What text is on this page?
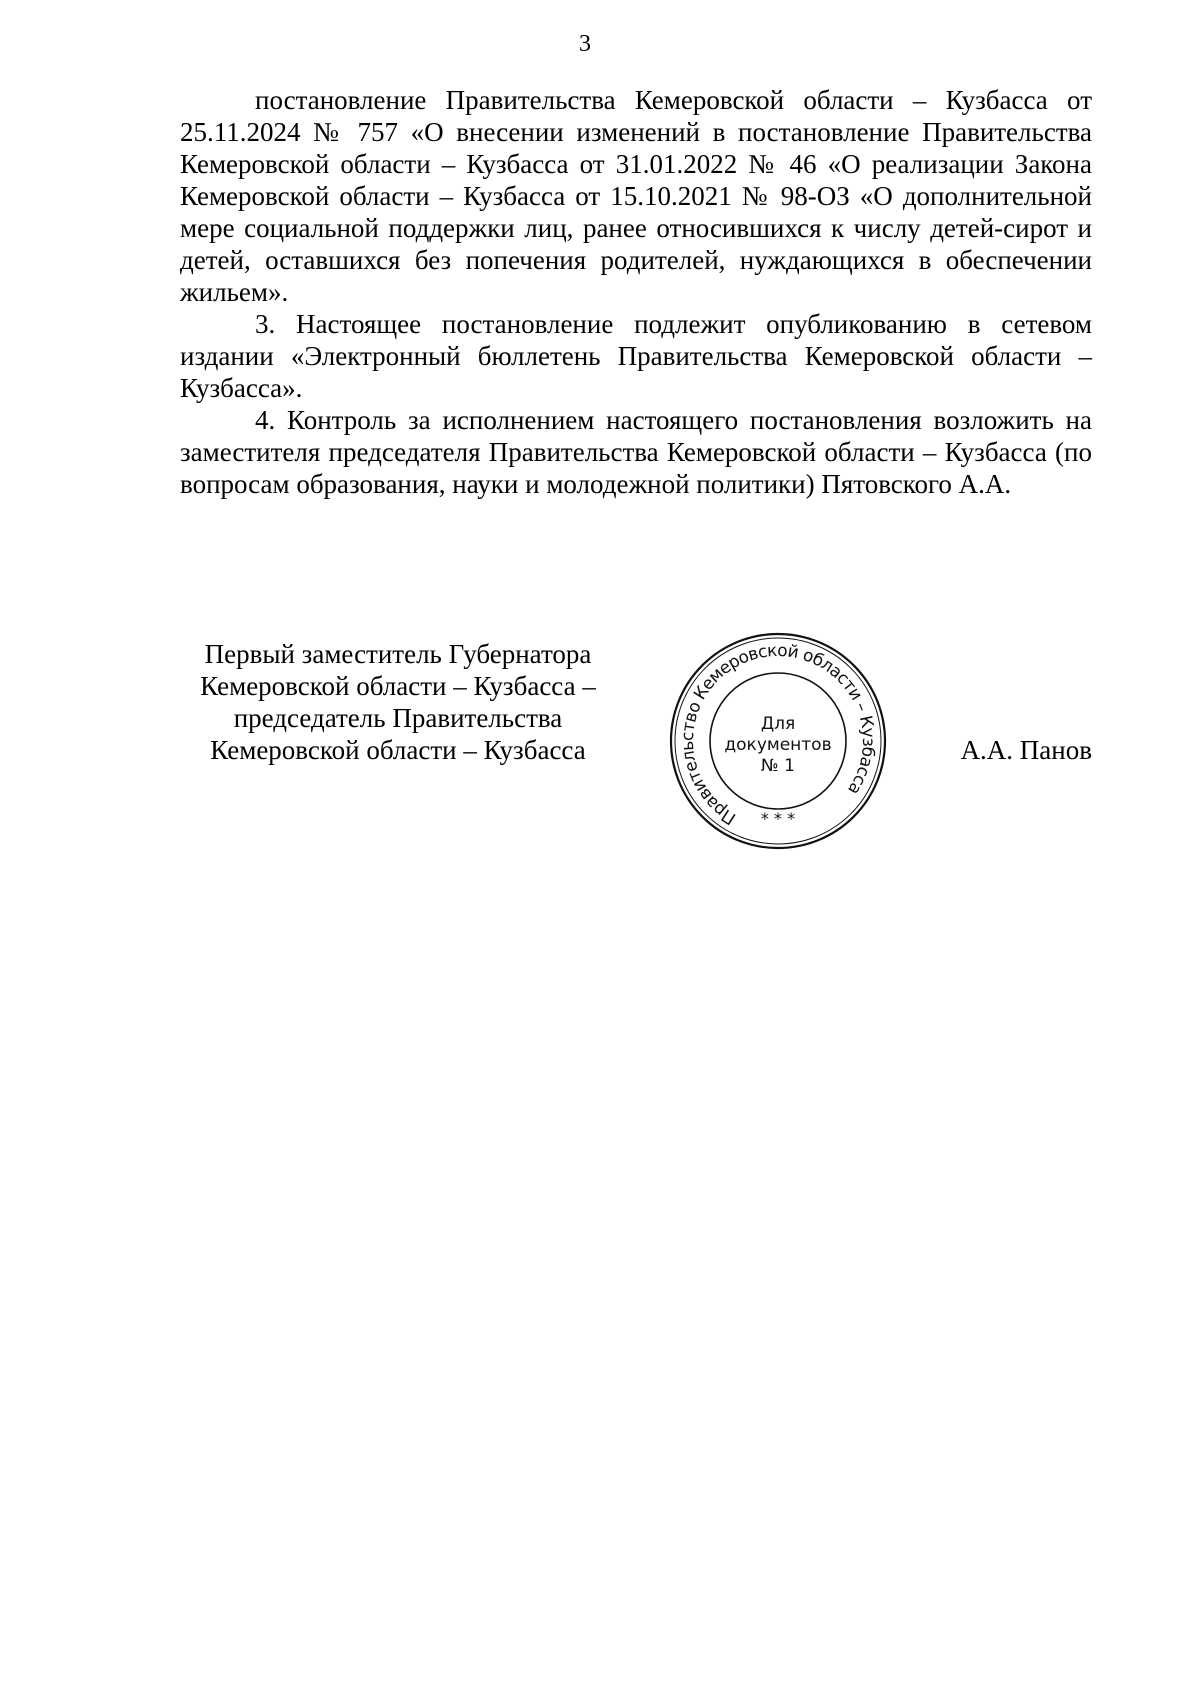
3

постановление Правительства Кемеровской области – Кузбасса от 25.11.2024 № 757 «О внесении изменений в постановление Правительства Кемеровской области – Кузбасса от 31.01.2022 № 46 «О реализации Закона Кемеровской области – Кузбасса от 15.10.2021 № 98-ОЗ «О дополнительной мере социальной поддержки лиц, ранее относившихся к числу детей-сирот и детей, оставшихся без попечения родителей, нуждающихся в обеспечении жильем».

3. Настоящее постановление подлежит опубликованию в сетевом издании «Электронный бюллетень Правительства Кемеровской области – Кузбасса».

4. Контроль за исполнением настоящего постановления возложить на заместителя председателя Правительства Кемеровской области – Кузбасса (по вопросам образования, науки и молодежной политики) Пятовского А.А.

Первый заместитель Губернатора
Кемеровской области – Кузбасса –
председатель Правительства
Кемеровской области – Кузбасса
Правительство Кемеровской области – Кузбасса
* * *
Для
документов
№ 1
А.А. Панов
